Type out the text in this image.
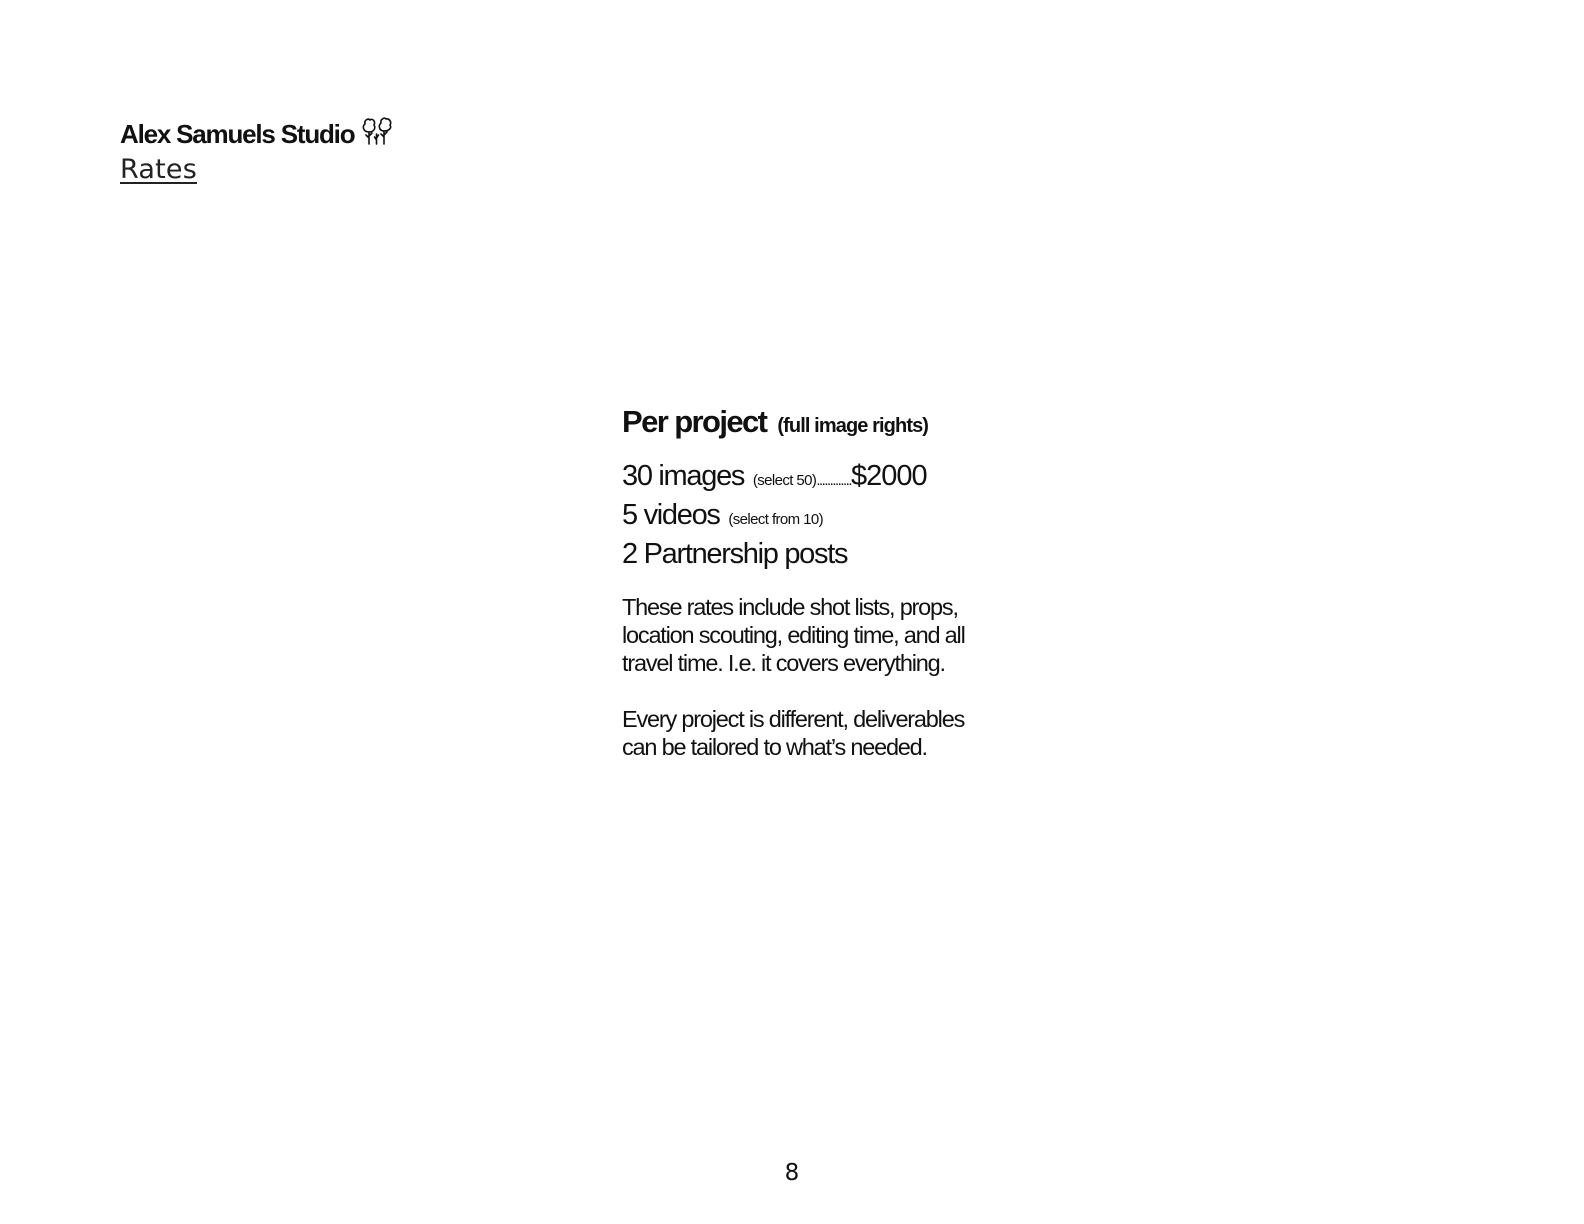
Alex Samuels Studio
Rates
Per project (full image rights)
30 images (select 50).............$2000
5 videos (select from 10)
2 Partnership posts
These rates include shot lists, props, location scouting, editing time, and all travel time. I.e. it covers everything.
Every project is different, deliverables can be tailored to what’s needed.
8
